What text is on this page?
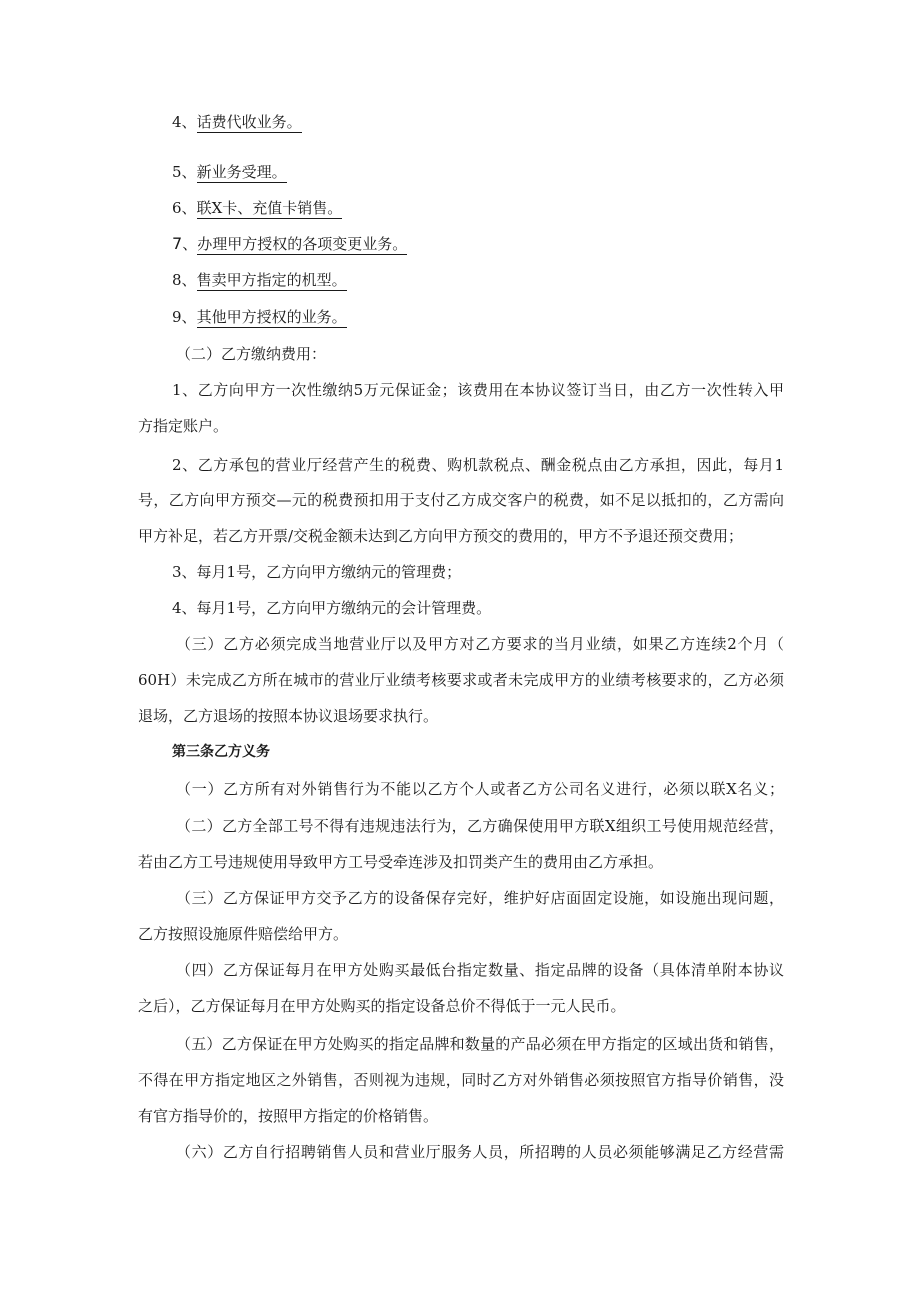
4、话费代收业务。
5、新业务受理。
6、联X卡、充值卡销售。
7、办理甲方授权的各项变更业务。
8、售卖甲方指定的机型。
9、其他甲方授权的业务。
（二）乙方缴纳费用：
1、乙方向甲方一次性缴纳5万元保证金；该费用在本协议签订当日，由乙方一次性转入甲
方指定账户。
2、乙方承包的营业厅经营产生的税费、购机款税点、酬金税点由乙方承担，因此，每月1
号，乙方向甲方预交—元的税费预扣用于支付乙方成交客户的税费，如不足以抵扣的，乙方需向
甲方补足，若乙方开票/交税金额未达到乙方向甲方预交的费用的，甲方不予退还预交费用；
3、每月1号，乙方向甲方缴纳元的管理费；
4、每月1号，乙方向甲方缴纳元的会计管理费。
（三）乙方必须完成当地营业厅以及甲方对乙方要求的当月业绩，如果乙方连续2个月（
60H）未完成乙方所在城市的营业厅业绩考核要求或者未完成甲方的业绩考核要求的，乙方必须
退场，乙方退场的按照本协议退场要求执行。
第三条乙方义务
（一）乙方所有对外销售行为不能以乙方个人或者乙方公司名义进行，必须以联X名义；
（二）乙方全部工号不得有违规违法行为，乙方确保使用甲方联X组织工号使用规范经营，
若由乙方工号违规使用导致甲方工号受牵连涉及扣罚类产生的费用由乙方承担。
（三）乙方保证甲方交予乙方的设备保存完好，维护好店面固定设施，如设施出现问题，
乙方按照设施原件赔偿给甲方。
（四）乙方保证每月在甲方处购买最低台指定数量、指定品牌的设备（具体清单附本协议
之后），乙方保证每月在甲方处购买的指定设备总价不得低于一元人民币。
（五）乙方保证在甲方处购买的指定品牌和数量的产品必须在甲方指定的区域出货和销售，
不得在甲方指定地区之外销售，否则视为违规，同时乙方对外销售必须按照官方指导价销售，没
有官方指导价的，按照甲方指定的价格销售。
（六）乙方自行招聘销售人员和营业厅服务人员，所招聘的人员必须能够满足乙方经营需
